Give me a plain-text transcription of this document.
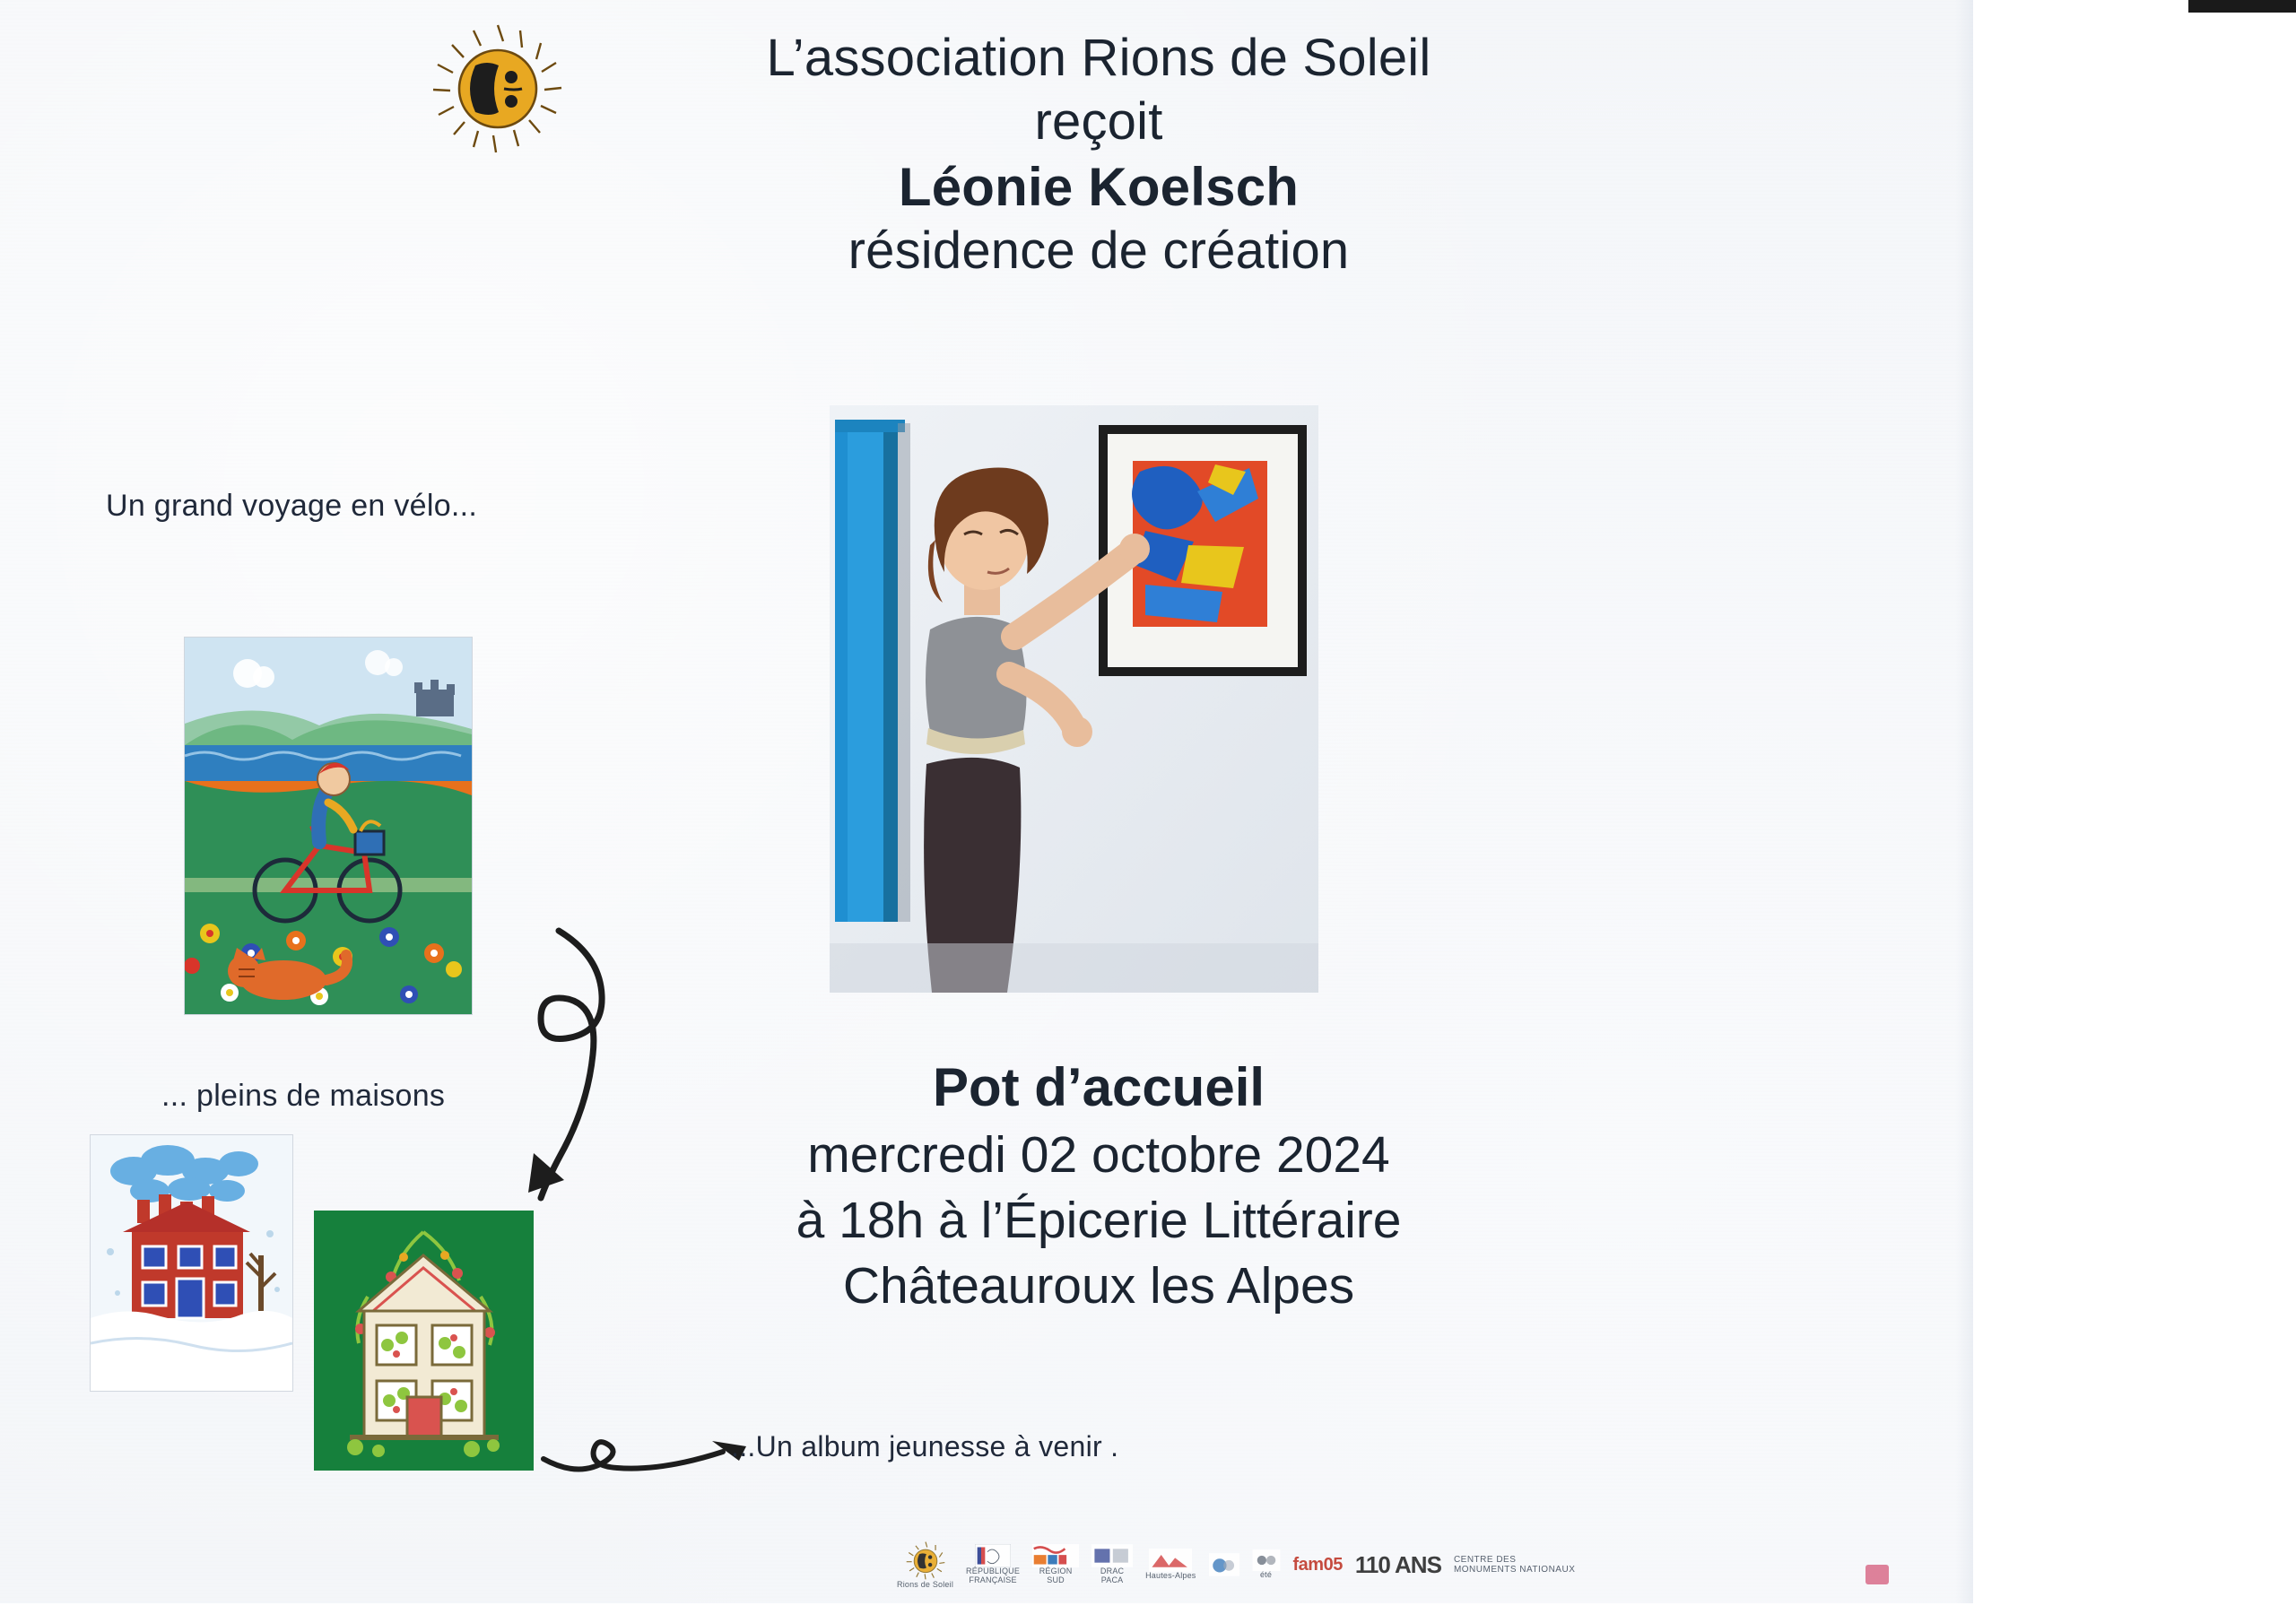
L’association Rions de Soleil
reçoit
Léonie Koelsch
résidence de création
Un grand voyage en vélo...
... pleins de maisons	Pot d’accueil
mercredi 02 octobre 2024
à 18h à l’Épicerie Littéraire
Châteauroux les Alpes
...Un album jeunesse à venir .
Rions de Soleil
RÉPUBLIQUE
FRANÇAISE
RÉGION
SUD
DRAC
PACA	Hautes-Alpes	été
fam05 110 ANS CENTRE DES
MONUMENTS NATIONAUX
